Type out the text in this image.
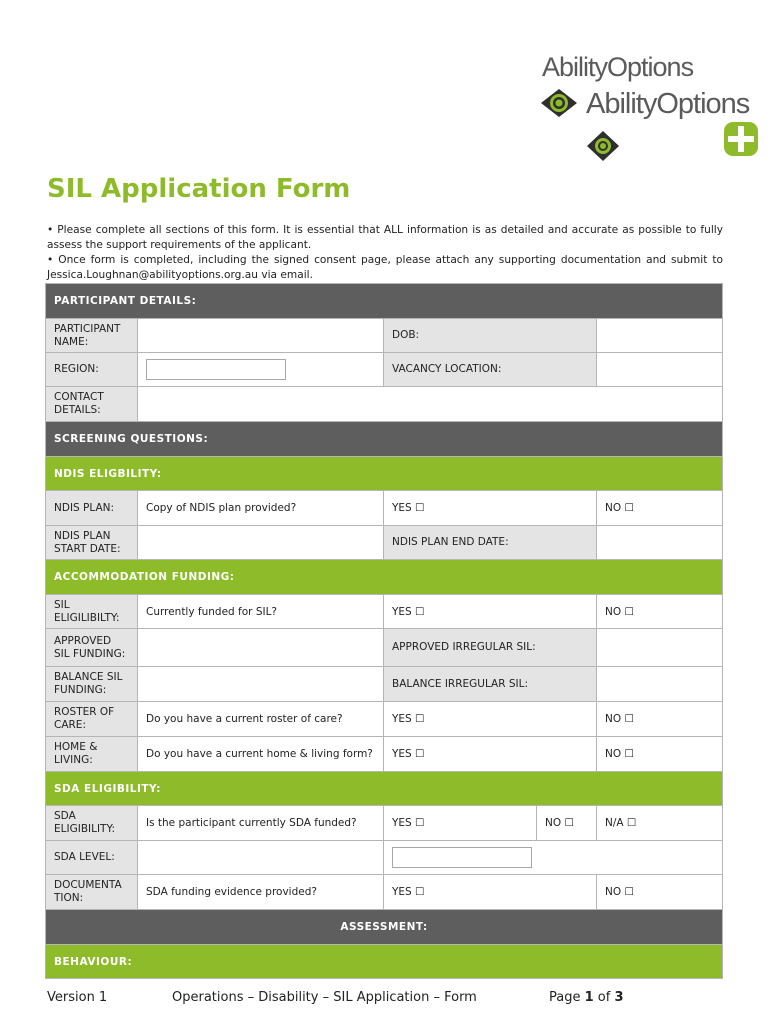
AbilityOptions
AbilityOptions
SIL Application Form

• Please complete all sections of this form. It is essential that ALL information is as detailed and accurate as possible to fully assess the support requirements of the applicant.

• Once form is completed, including the signed consent page, please attach any supporting documentation and submit to Jessica.Loughnan@abilityoptions.org.au via email.

PARTICIPANT DETAILS:				
PARTICIPANT NAME:		DOB:		
REGION:		VACANCY LOCATION:		
CONTACT DETAILS:				
SCREENING QUESTIONS:				
NDIS ELIGBILITY:				
NDIS PLAN:	Copy of NDIS plan provided?	YES ☐		NO ☐
NDIS PLAN START DATE:		NDIS PLAN END DATE:		
ACCOMMODATION FUNDING:				
SIL ELIGILIBILTY:	Currently funded for SIL?	YES ☐		NO ☐
APPROVED SIL FUNDING:		APPROVED IRREGULAR SIL:		
BALANCE SIL FUNDING:		BALANCE IRREGULAR SIL:		
ROSTER OF CARE:	Do you have a current roster of care?	YES ☐		NO ☐
HOME & LIVING:	Do you have a current home & living form?	YES ☐		NO ☐
SDA ELIGIBILITY:				
SDA ELIGIBILITY:	Is the participant currently SDA funded?	YES ☐	NO ☐	N/A ☐
SDA LEVEL:				
DOCUMENTA TION:	SDA funding evidence provided?	YES ☐		NO ☐
ASSESSMENT:				
BEHAVIOUR:				
Version 1	Operations – Disability – SIL Application – Form	Page 1 of 3
